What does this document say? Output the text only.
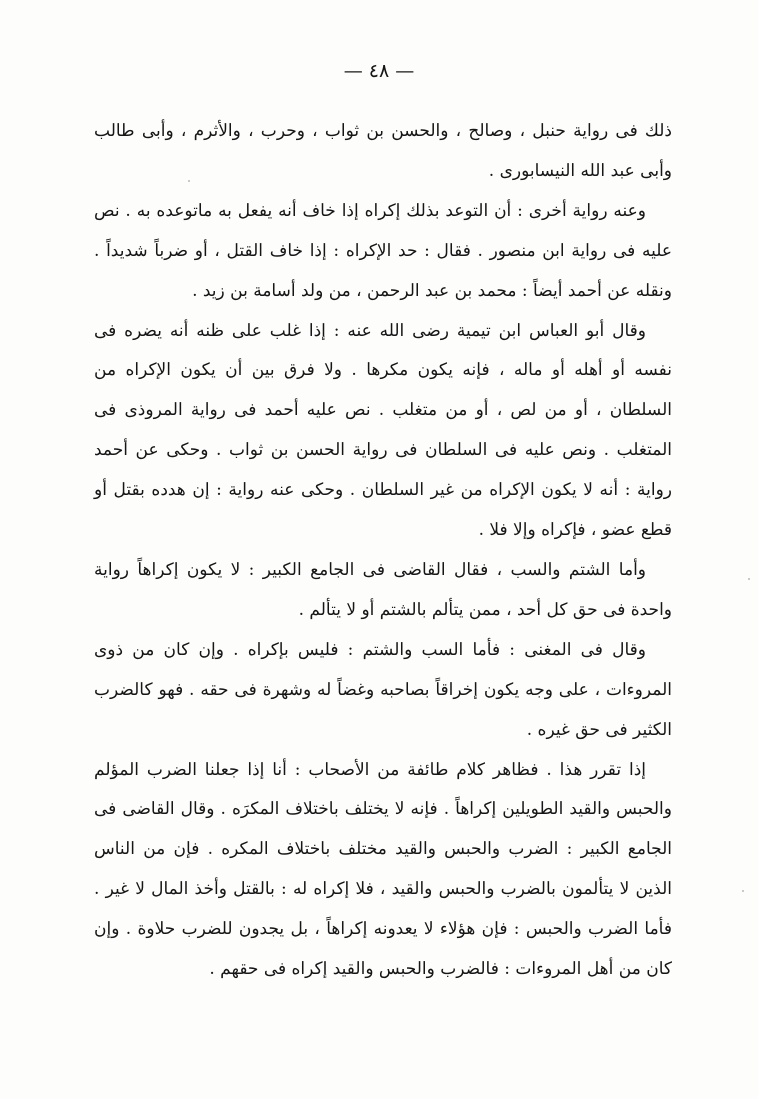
— ٤٨ —

ذلك فى رواية حنبل ، وصالح ، والحسن بن ثواب ، وحرب ، والأثرم ، وأبى طالب وأبى عبد الله النيسابورى .

وعنه رواية أخرى : أن التوعد بذلك إكراه إذا خاف أنه يفعل به ماتوعده به . نص عليه فى رواية ابن منصور . فقال : حد الإكراه : إذا خاف القتل ، أو ضرباً شديداً . ونقله عن أحمد أيضاً : محمد بن عبد الرحمن ، من ولد أسامة بن زيد .

وقال أبو العباس ابن تيمية رضى الله عنه : إذا غلب على ظنه أنه يضره فى نفسه أو أهله أو ماله ، فإنه يكون مكرها . ولا فرق بين أن يكون الإكراه من السلطان ، أو من لص ، أو من متغلب . نص عليه أحمد فى رواية المروذى فى المتغلب . ونص عليه فى السلطان فى رواية الحسن بن ثواب . وحكى عن أحمد رواية : أنه لا يكون الإكراه من غير السلطان . وحكى عنه رواية : إن هدده بقتل أو قطع عضو ، فإكراه وإلا فلا .

وأما الشتم والسب ، فقال القاضى فى الجامع الكبير : لا يكون إكراهاً رواية واحدة فى حق كل أحد ، ممن يتألم بالشتم أو لا يتألم .

وقال فى المغنى : فأما السب والشتم : فليس بإكراه . وإن كان من ذوى المروءات ، على وجه يكون إخراقاً بصاحبه وغضاً له وشهرة فى حقه . فهو كالضرب الكثير فى حق غيره .

إذا تقرر هذا . فظاهر كلام طائفة من الأصحاب : أنا إذا جعلنا الضرب المؤلم والحبس والقيد الطويلين إكراهاً . فإنه لا يختلف باختلاف المكرَه . وقال القاضى فى الجامع الكبير : الضرب والحبس والقيد مختلف باختلاف المكره . فإن من الناس الذين لا يتألمون بالضرب والحبس والقيد ، فلا إكراه له : بالقتل وأخذ المال لا غير . فأما الضرب والحبس : فإن هؤلاء لا يعدونه إكراهاً ، بل يجدون للضرب حلاوة . وإن كان من أهل المروءات : فالضرب والحبس والقيد إكراه فى حقهم .
